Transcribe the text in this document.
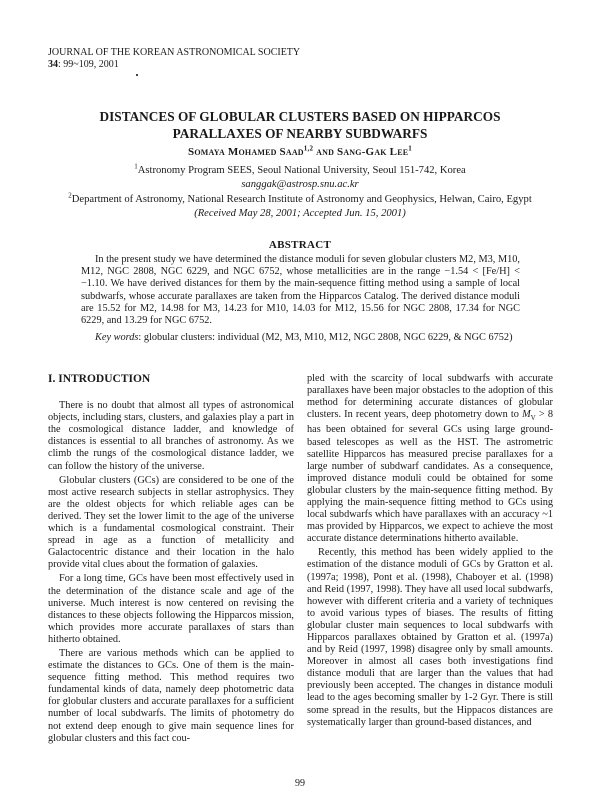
JOURNAL OF THE KOREAN ASTRONOMICAL SOCIETY
34: 99~109, 2001
DISTANCES OF GLOBULAR CLUSTERS BASED ON HIPPARCOS
PARALLAXES OF NEARBY SUBDWARFS
Somaya Mohamed Saad$^{1,2}$ and Sang-Gak Lee$^1$
$^1$Astronomy Program SEES, Seoul National University, Seoul 151-742, Korea
sanggak@astrosp.snu.ac.kr
$^2$Department of Astronomy, National Research Institute of Astronomy and Geophysics, Helwan, Cairo, Egypt
(Received May 28, 2001; Accepted Jun. 15, 2001)
ABSTRACT
In the present study we have determined the distance moduli for seven globular clusters M2, M3, M10, M12, NGC 2808, NGC 6229, and NGC 6752, whose metallicities are in the range −1.54 < [Fe/H] < −1.10. We have derived distances for them by the main-sequence fitting method using a sample of local subdwarfs, whose accurate parallaxes are taken from the Hipparcos Catalog. The derived distance moduli are 15.52 for M2, 14.98 for M3, 14.23 for M10, 14.03 for M12, 15.56 for NGC 2808, 17.34 for NGC 6229, and 13.29 for NGC 6752.
Key words: globular clusters: individual (M2, M3, M10, M12, NGC 2808, NGC 6229, & NGC 6752)
I. INTRODUCTION

There is no doubt that almost all types of astronomical objects, including stars, clusters, and galaxies play a part in the cosmological distance ladder, and knowledge of distances is essential to all branches of astronomy. As we climb the rungs of the cosmological distance ladder, we can follow the history of the universe.

Globular clusters (GCs) are considered to be one of the most active research subjects in stellar astrophysics. They are the oldest objects for which reliable ages can be derived. They set the lower limit to the age of the universe which is a fundamental cosmological constraint. Their spread in age as a function of metallicity and Galactocentric distance and their location in the halo provide vital clues about the formation of galaxies.

For a long time, GCs have been most effectively used in the determination of the distance scale and age of the universe. Much interest is now centered on revising the distances to these objects following the Hipparcos mission, which provides more accurate parallaxes of stars than hitherto obtained.

There are various methods which can be applied to estimate the distances to GCs. One of them is the main-sequence fitting method. This method requires two fundamental kinds of data, namely deep photometric data for globular clusters and accurate parallaxes for a sufficient number of local subdwarfs. The limits of photometry do not extend deep enough to give main sequence lines for globular clusters and this fact cou-

pled with the scarcity of local subdwarfs with accurate parallaxes have been major obstacles to the adoption of this method for determining accurate distances of globular clusters. In recent years, deep photometry down to $M_V > 8$ has been obtained for several GCs using large ground-based telescopes as well as the HST. The astrometric satellite Hipparcos has measured precise parallaxes for a large number of subdwarf candidates. As a consequence, improved distance moduli could be obtained for some globular clusters by the main-sequence fitting method. By applying the main-sequence fitting method to GCs using local subdwarfs which have parallaxes with an accuracy ~1 mas provided by Hipparcos, we expect to achieve the most accurate distance determinations hitherto available.

Recently, this method has been widely applied to the estimation of the distance moduli of GCs by Gratton et al. (1997a; 1998), Pont et al. (1998), Chaboyer et al. (1998) and Reid (1997, 1998). They have all used local subdwarfs, however with different criteria and a variety of techniques to avoid various types of biases. The results of fitting globular cluster main sequences to local subdwarfs with Hipparcos parallaxes obtained by Gratton et al. (1997a) and by Reid (1997, 1998) disagree only by small amounts. Moreover in almost all cases both investigations find distance moduli that are larger than the values that had previously been accepted. The changes in distance moduli lead to the ages becoming smaller by 1-2 Gyr. There is still some spread in the results, but the Hippacos distances are systematically larger than ground-based distances, and

99
